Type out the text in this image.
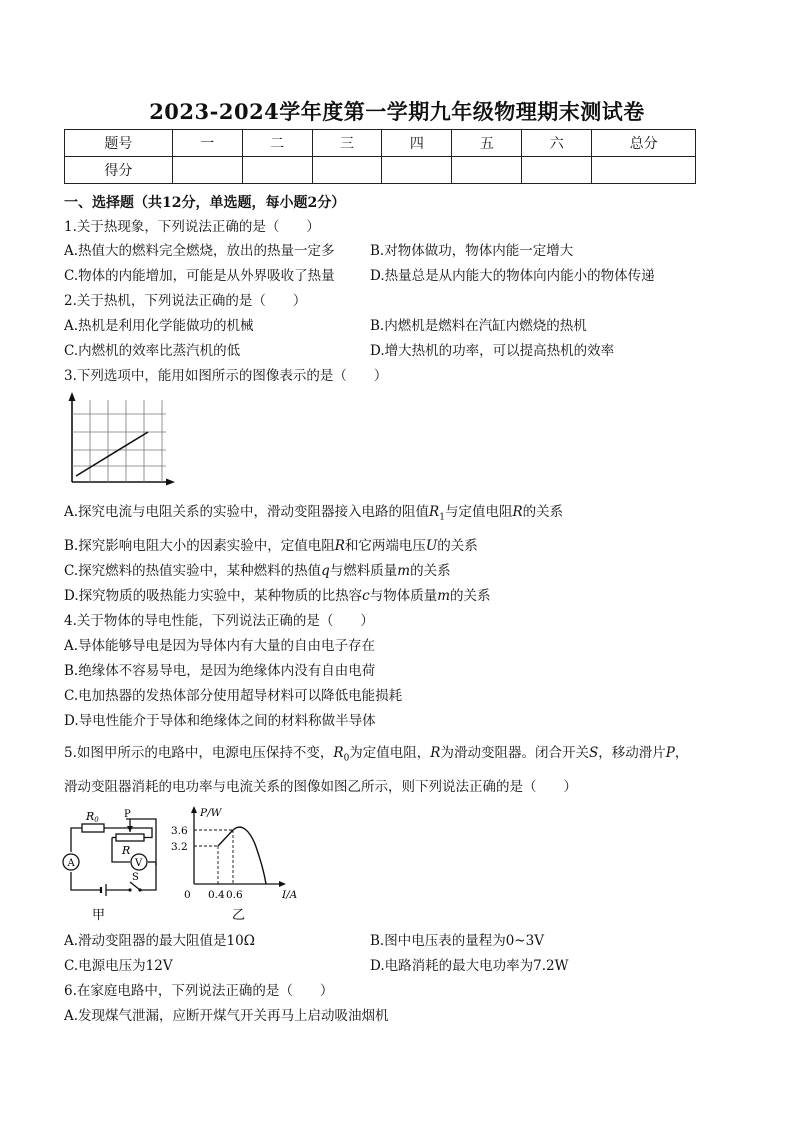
2023-2024学年度第一学期九年级物理期末测试卷
题号	一	二	三	四	五	六	总分
得分							
一、选择题（共12分，单选题，每小题2分）
1.关于热现象，下列说法正确的是（　　）
A.热值大的燃料完全燃烧，放出的热量一定多	B.对物体做功，物体内能一定增大
C.物体的内能增加，可能是从外界吸收了热量	D.热量总是从内能大的物体向内能小的物体传递
2.关于热机，下列说法正确的是（　　）
A.热机是利用化学能做功的机械	B.内燃机是燃料在汽缸内燃烧的热机
C.内燃机的效率比蒸汽机的低	D.增大热机的功率，可以提高热机的效率
3.下列选项中，能用如图所示的图像表示的是（　　）
A.探究电流与电阻关系的实验中，滑动变阻器接入电路的阻值$R_1$与定值电阻R的关系
B.探究影响电阻大小的因素实验中，定值电阻R和它两端电压U的关系
C.探究燃料的热值实验中，某种燃料的热值q与燃料质量m的关系
D.探究物质的吸热能力实验中，某种物质的比热容c与物体质量m的关系
4.关于物体的导电性能，下列说法正确的是（　　）
A.导体能够导电是因为导体内有大量的自由电子存在
B.绝缘体不容易导电，是因为绝缘体内没有自由电荷
C.电加热器的发热体部分使用超导材料可以降低电能损耗
D.导电性能介于导体和绝缘体之间的材料称做半导体
5.如图甲所示的电路中，电源电压保持不变，$R_0$为定值电阻，R为滑动变阻器。闭合开关S，移动滑片P，
滑动变阻器消耗的电功率与电流关系的图像如图乙所示，则下列说法正确的是（　　）
R0	P
R
A	V
S
甲
P/W
3.6
3.2
0 0.4 0.6	I/A
乙
A.滑动变阻器的最大阻值是10Ω	B.图中电压表的量程为0~3V
C.电源电压为12V	D.电路消耗的最大电功率为7.2W
6.在家庭电路中，下列说法正确的是（　　）
A.发现煤气泄漏，应断开煤气开关再马上启动吸油烟机
